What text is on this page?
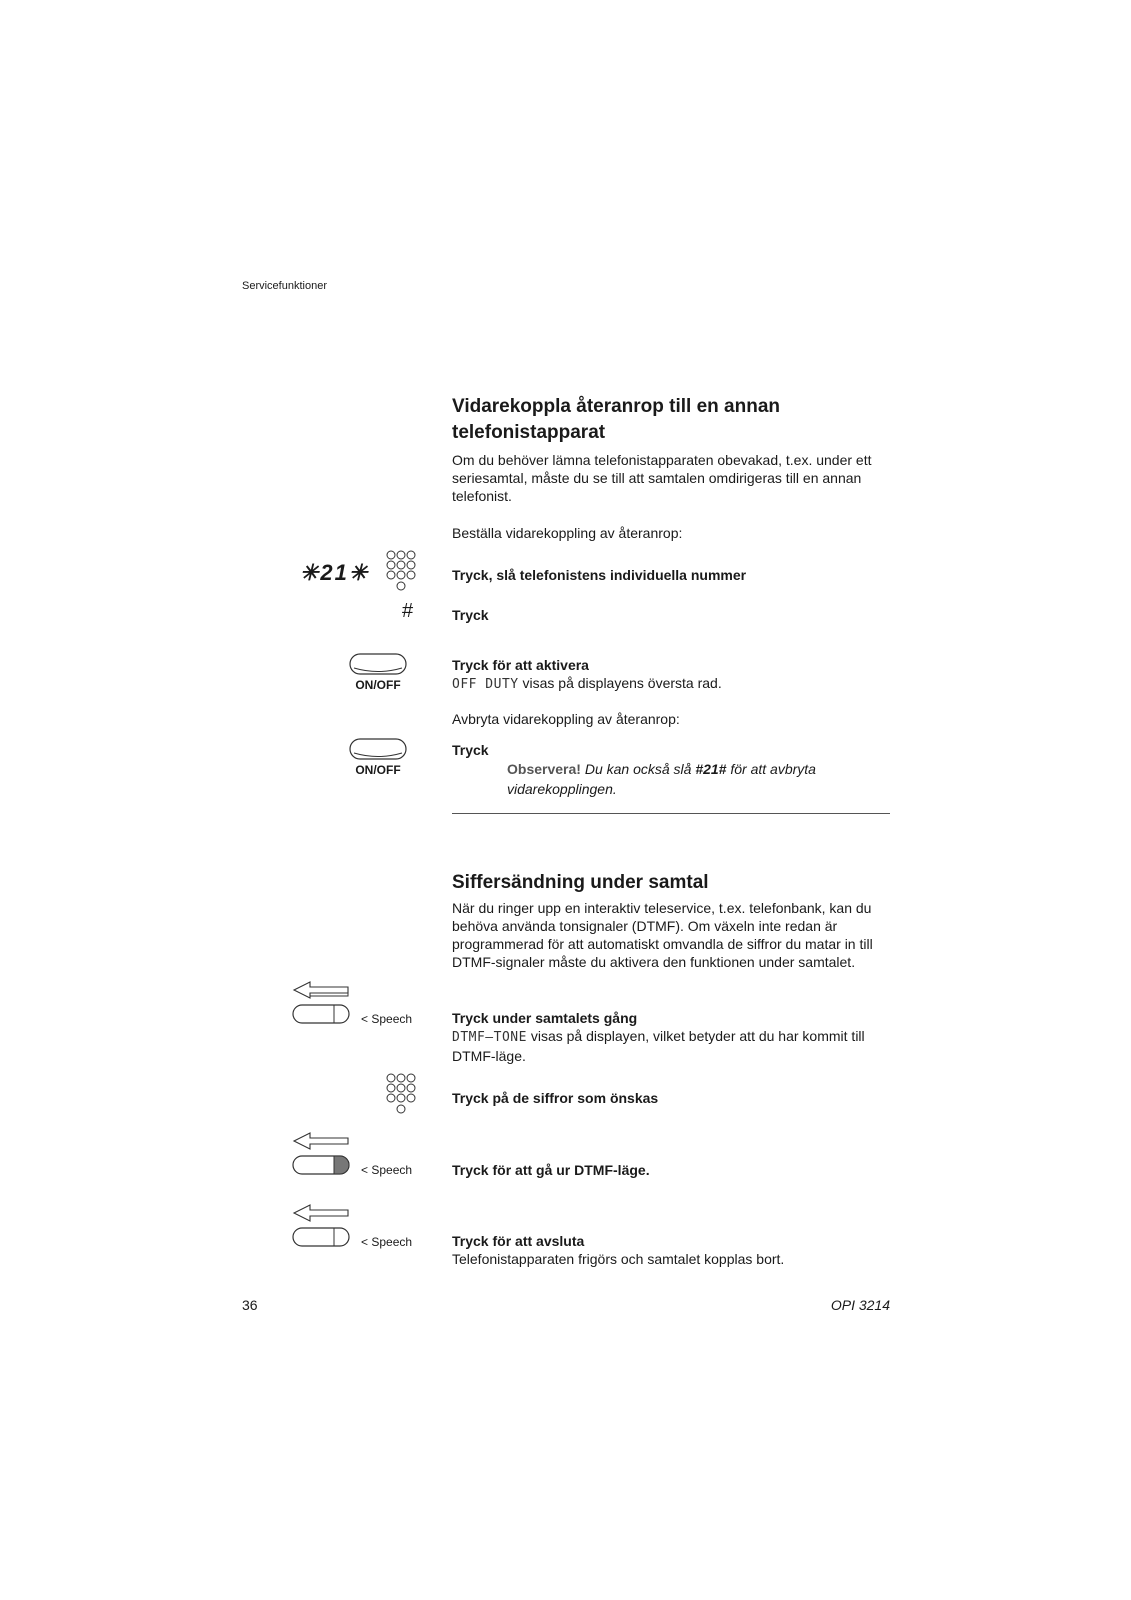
Servicefunktioner

Vidarekoppla återanrop till en annan

telefonistapparat

Om du behöver lämna telefonistapparaten obevakad, t.ex. under ett
seriesamtal, måste du se till att samtalen omdirigeras till en annan
telefonist.
Beställa vidarekoppling av återanrop:
✳21✳	Tryck, slå telefonistens individuella nummer
#	Tryck
ON/OFF
Tryck för att aktivera
OFF DUTY visas på displayens översta rad.
Avbryta vidarekoppling av återanrop:
ON/OFF
Tryck
Observera! Du kan också slå #21# för att avbryta
vidarekopplingen.

Siffersändning under samtal

När du ringer upp en interaktiv teleservice, t.ex. telefonbank, kan du
behöva använda tonsignaler (DTMF). Om växeln inte redan är
programmerad för att automatiskt omvandla de siffror du matar in till
DTMF-signaler måste du aktivera den funktionen under samtalet.
< Speech	Tryck under samtalets gång
DTMF–TONE visas på displayen, vilket betyder att du har kommit till
DTMF-läge.
Tryck på de siffror som önskas
< Speech	Tryck för att gå ur DTMF-läge.
< Speech	Tryck för att avsluta
Telefonistapparaten frigörs och samtalet kopplas bort.
36	OPI 3214
